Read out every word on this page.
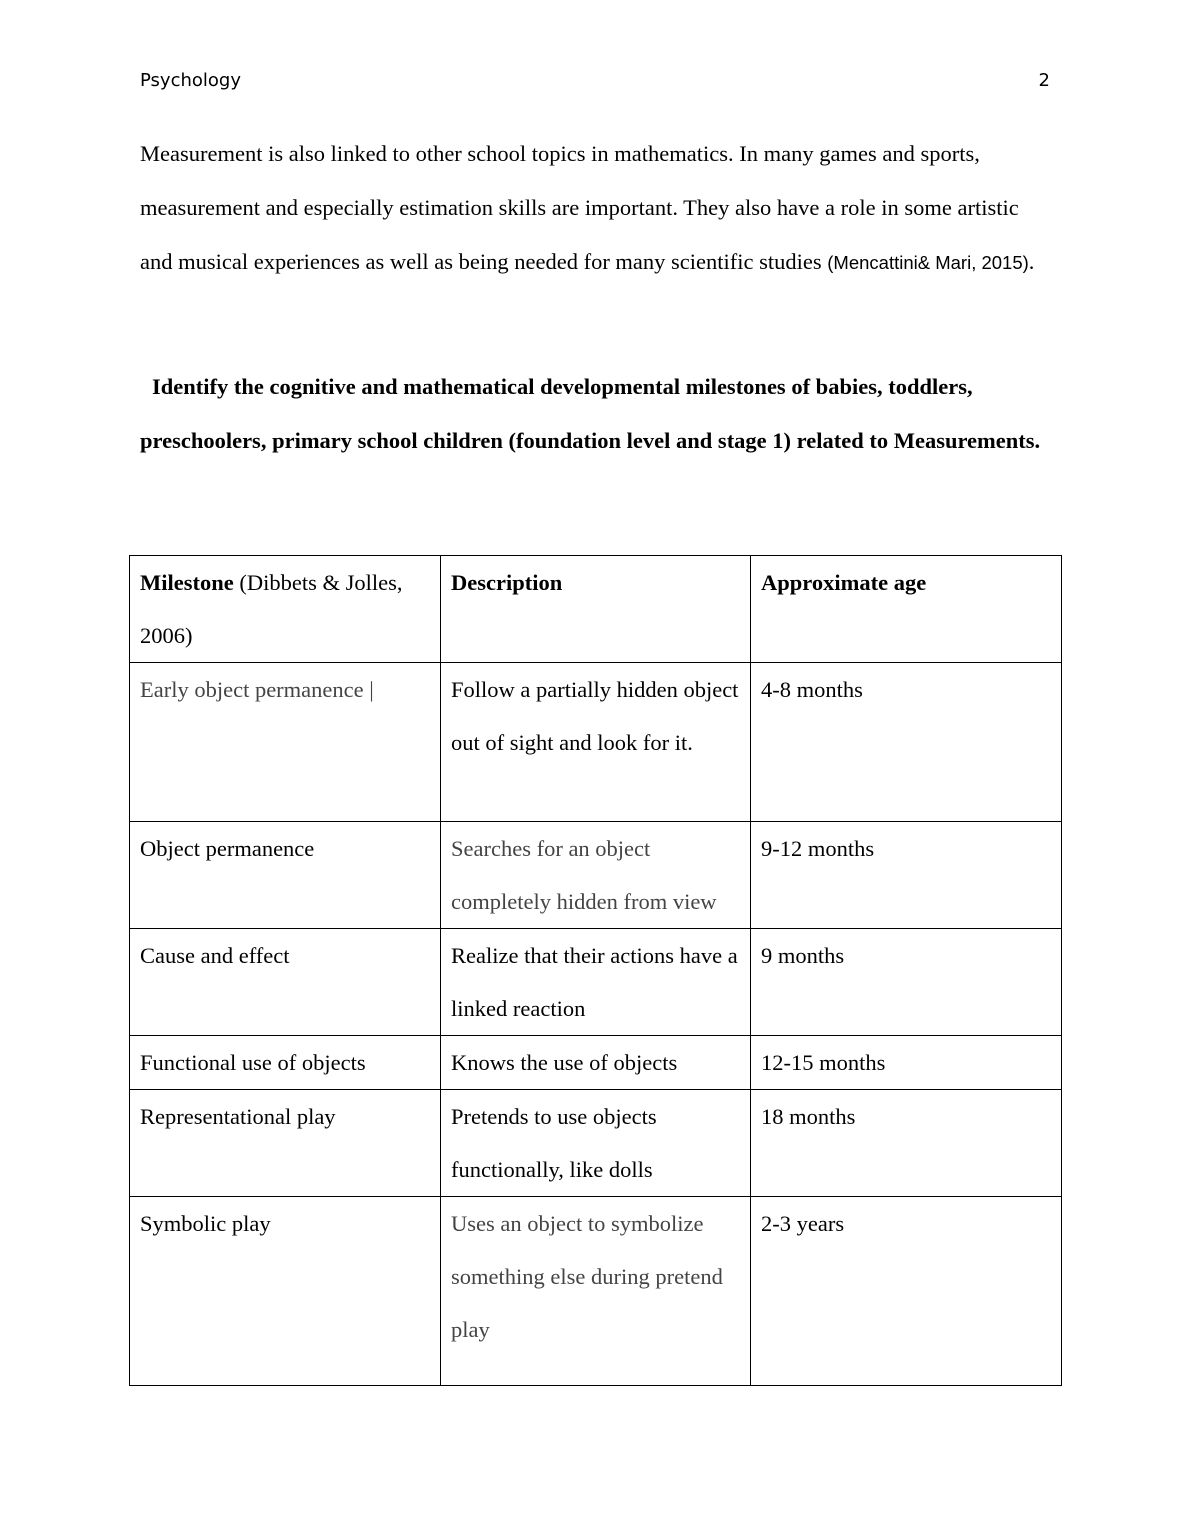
Psychology	2

Measurement is also linked to other school topics in mathematics. In many games and sports, measurement and especially estimation skills are important. They also have a role in some artistic and musical experiences as well as being needed for many scientific studies (Mencattini& Mari, 2015).

Identify the cognitive and mathematical developmental milestones of babies, toddlers, preschoolers, primary school children (foundation level and stage 1) related to Measurements.

Milestone (Dibbets & Jolles, 2006)	Description	Approximate age
Early object permanence |	Follow a partially hidden object out of sight and look for it.	4-8 months
Object permanence	Searches for an object completely hidden from view	9-12 months
Cause and effect	Realize that their actions have a linked reaction	9 months
Functional use of objects	Knows the use of objects	12-15 months
Representational play	Pretends to use objects functionally, like dolls	18 months
Symbolic play	Uses an object to symbolize something else during pretend play	2-3 years
